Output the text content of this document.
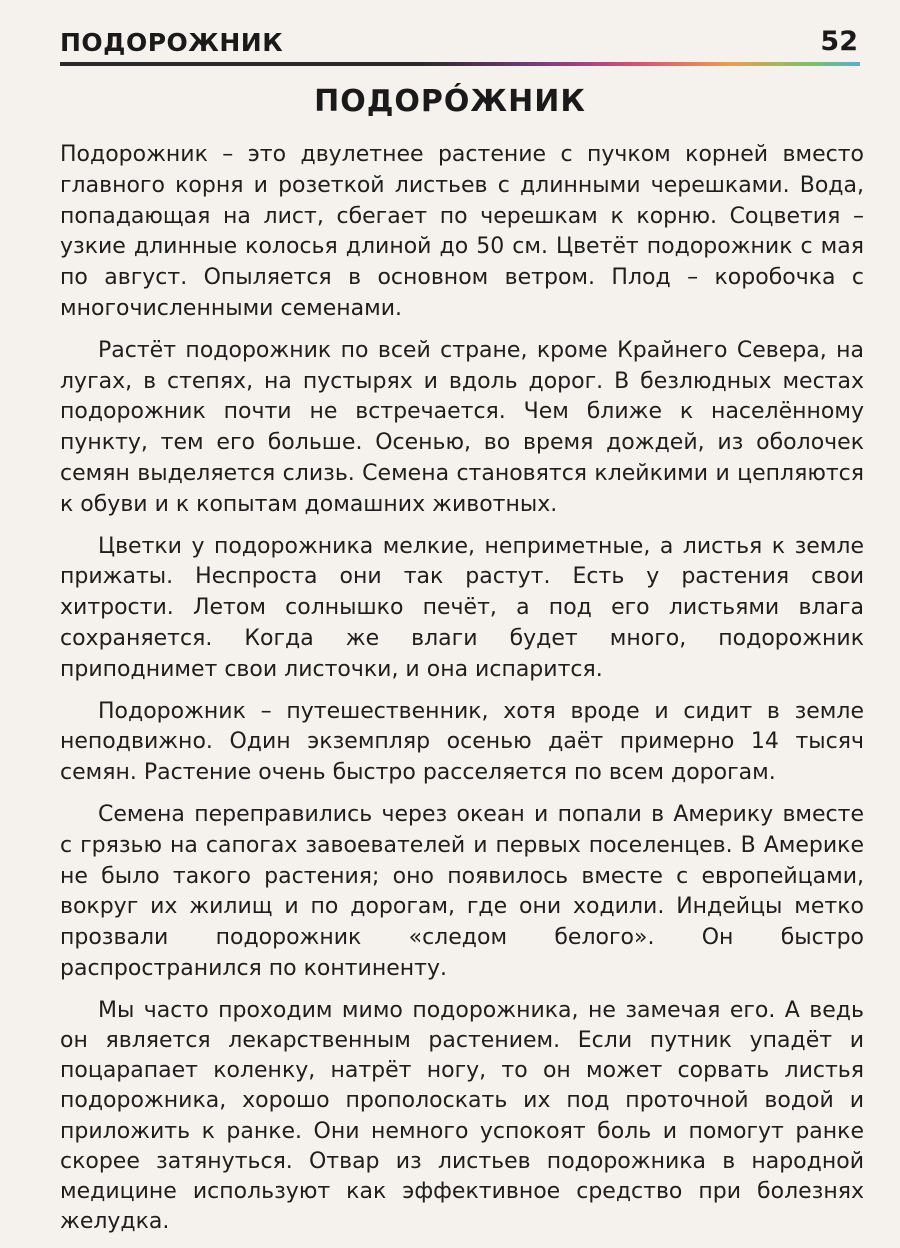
ПОДОРОЖНИК	52
ПОДОРÓЖНИК

Подорожник – это двулетнее растение с пучком корней вместо главного корня и розеткой листьев с длинными черешками. Вода, попадающая на лист, сбегает по черешкам к корню. Соцветия – узкие длинные колосья длиной до 50 см. Цветёт подорожник с мая по август. Опыляется в основном ветром. Плод – коробочка с многочисленными семенами.

Растёт подорожник по всей стране, кроме Крайнего Севера, на лугах, в степях, на пустырях и вдоль дорог. В безлюдных местах подорожник почти не встречается. Чем ближе к населённому пункту, тем его больше. Осенью, во время дождей, из оболочек семян выделяется слизь. Семена становятся клейкими и цепляются к обуви и к копытам домашних животных.

Цветки у подорожника мелкие, неприметные, а листья к земле прижаты. Неспроста они так растут. Есть у растения свои хитрости. Летом солнышко печёт, а под его листьями влага сохраняется. Когда же влаги будет много, подорожник приподнимет свои листочки, и она испарится.

Подорожник – путешественник, хотя вроде и сидит в земле неподвижно. Один экземпляр осенью даёт примерно 14 тысяч семян. Растение очень быстро расселяется по всем дорогам.

Семена переправились через океан и попали в Америку вместе с грязью на сапогах завоевателей и первых поселенцев. В Америке не было такого растения; оно появилось вместе с европейцами, вокруг их жилищ и по дорогам, где они ходили. Индейцы метко прозвали подорожник «следом белого». Он быстро распространился по континенту.

Мы часто проходим мимо подорожника, не замечая его. А ведь он является лекарственным растением. Если путник упадёт и поцарапает коленку, натрёт ногу, то он может сорвать листья подорожника, хорошо прополоскать их под проточной водой и приложить к ранке. Они немного успокоят боль и помогут ранке скорее затянуться. Отвар из листьев подорожника в народной медицине используют как эффективное средство при болезнях желудка.
